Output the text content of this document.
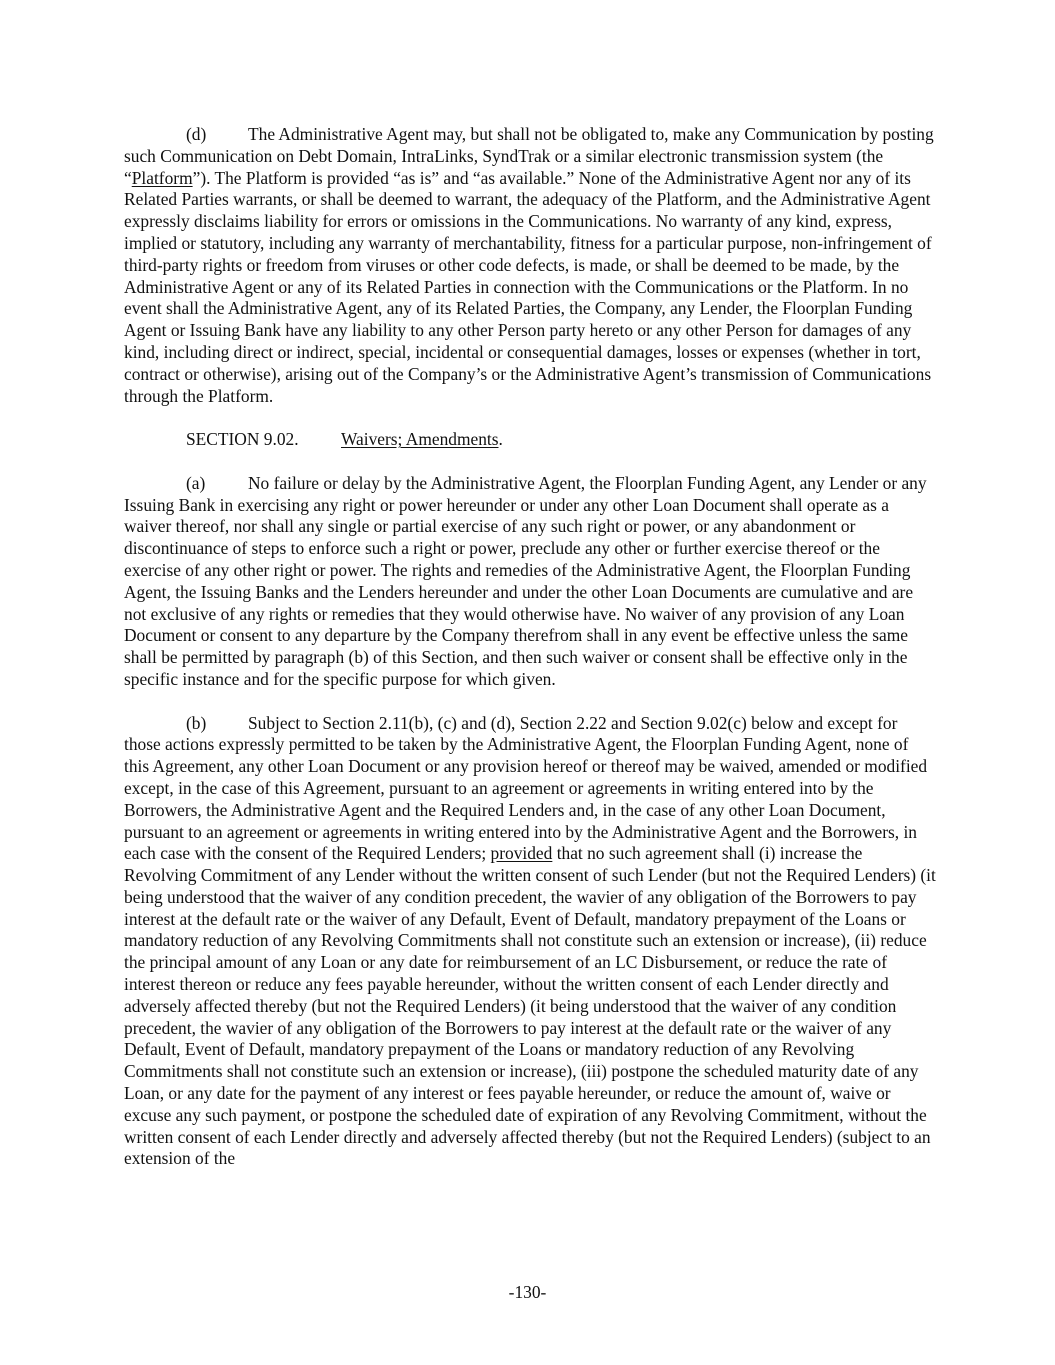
(d) The Administrative Agent may, but shall not be obligated to, make any Communication by posting such Communication on Debt Domain, IntraLinks, SyndTrak or a similar electronic transmission system (the “Platform”). The Platform is provided “as is” and “as available.” None of the Administrative Agent nor any of its Related Parties warrants, or shall be deemed to warrant, the adequacy of the Platform, and the Administrative Agent expressly disclaims liability for errors or omissions in the Communications. No warranty of any kind, express, implied or statutory, including any warranty of merchantability, fitness for a particular purpose, non-infringement of third-party rights or freedom from viruses or other code defects, is made, or shall be deemed to be made, by the Administrative Agent or any of its Related Parties in connection with the Communications or the Platform. In no event shall the Administrative Agent, any of its Related Parties, the Company, any Lender, the Floorplan Funding Agent or Issuing Bank have any liability to any other Person party hereto or any other Person for damages of any kind, including direct or indirect, special, incidental or consequential damages, losses or expenses (whether in tort, contract or otherwise), arising out of the Company’s or the Administrative Agent’s transmission of Communications through the Platform.

SECTION 9.02. Waivers; Amendments.

(a) No failure or delay by the Administrative Agent, the Floorplan Funding Agent, any Lender or any Issuing Bank in exercising any right or power hereunder or under any other Loan Document shall operate as a waiver thereof, nor shall any single or partial exercise of any such right or power, or any abandonment or discontinuance of steps to enforce such a right or power, preclude any other or further exercise thereof or the exercise of any other right or power. The rights and remedies of the Administrative Agent, the Floorplan Funding Agent, the Issuing Banks and the Lenders hereunder and under the other Loan Documents are cumulative and are not exclusive of any rights or remedies that they would otherwise have. No waiver of any provision of any Loan Document or consent to any departure by the Company therefrom shall in any event be effective unless the same shall be permitted by paragraph (b) of this Section, and then such waiver or consent shall be effective only in the specific instance and for the specific purpose for which given.

(b) Subject to Section 2.11(b), (c) and (d), Section 2.22 and Section 9.02(c) below and except for those actions expressly permitted to be taken by the Administrative Agent, the Floorplan Funding Agent, none of this Agreement, any other Loan Document or any provision hereof or thereof may be waived, amended or modified except, in the case of this Agreement, pursuant to an agreement or agreements in writing entered into by the Borrowers, the Administrative Agent and the Required Lenders and, in the case of any other Loan Document, pursuant to an agreement or agreements in writing entered into by the Administrative Agent and the Borrowers, in each case with the consent of the Required Lenders; provided that no such agreement shall (i) increase the Revolving Commitment of any Lender without the written consent of such Lender (but not the Required Lenders) (it being understood that the waiver of any condition precedent, the wavier of any obligation of the Borrowers to pay interest at the default rate or the waiver of any Default, Event of Default, mandatory prepayment of the Loans or mandatory reduction of any Revolving Commitments shall not constitute such an extension or increase), (ii) reduce the principal amount of any Loan or any date for reimbursement of an LC Disbursement, or reduce the rate of interest thereon or reduce any fees payable hereunder, without the written consent of each Lender directly and adversely affected thereby (but not the Required Lenders) (it being understood that the waiver of any condition precedent, the wavier of any obligation of the Borrowers to pay interest at the default rate or the waiver of any Default, Event of Default, mandatory prepayment of the Loans or mandatory reduction of any Revolving Commitments shall not constitute such an extension or increase), (iii) postpone the scheduled maturity date of any Loan, or any date for the payment of any interest or fees payable hereunder, or reduce the amount of, waive or excuse any such payment, or postpone the scheduled date of expiration of any Revolving Commitment, without the written consent of each Lender directly and adversely affected thereby (but not the Required Lenders) (subject to an extension of the

-130-
